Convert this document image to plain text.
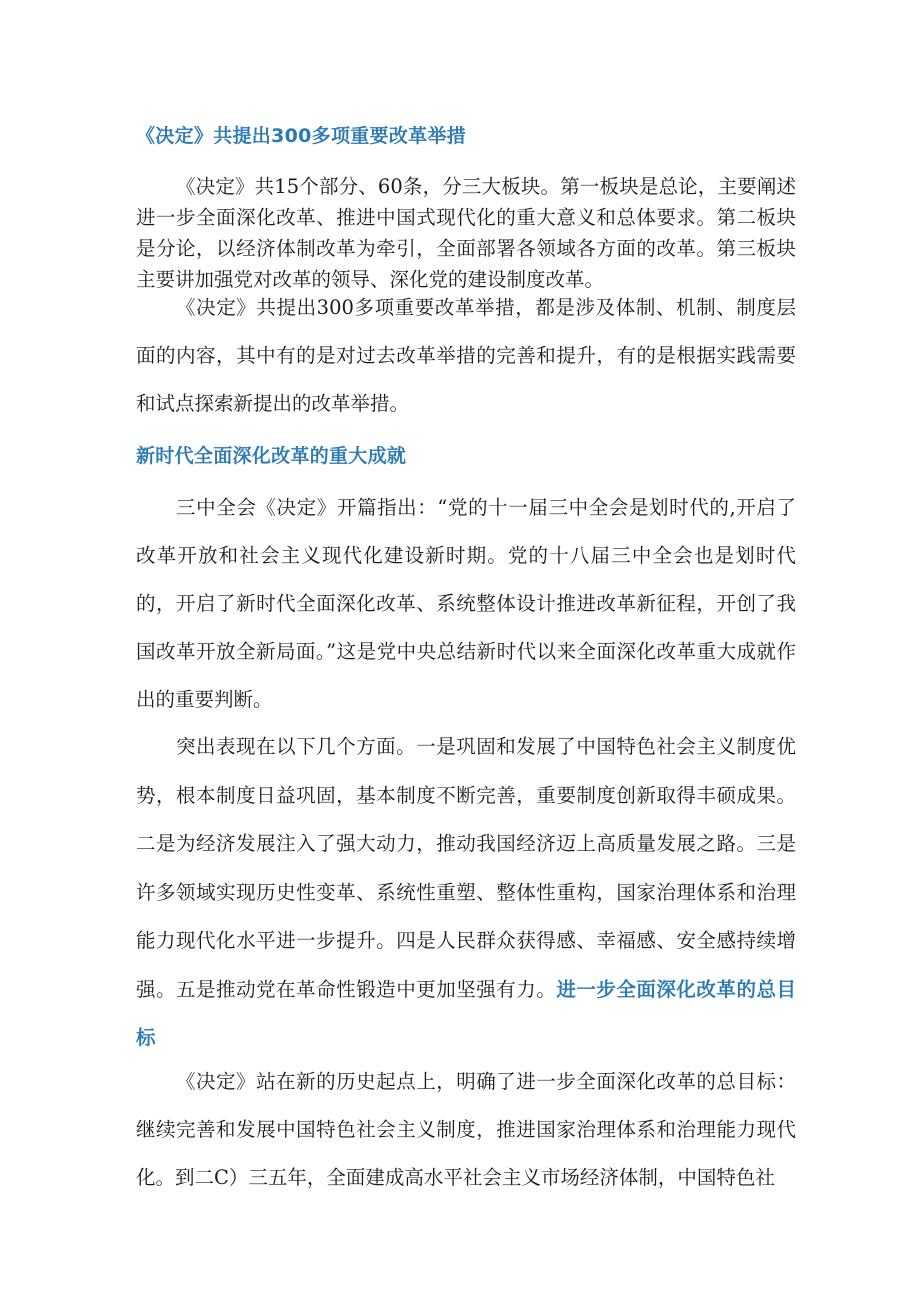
《决定》共提出300多项重要改革举措

《决定》共15个部分、60条，分三大板块。第一板块是总论，主要阐述进一步全面深化改革、推进中国式现代化的重大意义和总体要求。第二板块是分论，以经济体制改革为牵引，全面部署各领域各方面的改革。第三板块主要讲加强党对改革的领导、深化党的建设制度改革。

《决定》共提出300多项重要改革举措，都是涉及体制、机制、制度层面的内容，其中有的是对过去改革举措的完善和提升，有的是根据实践需要和试点探索新提出的改革举措。

新时代全面深化改革的重大成就

三中全会《决定》开篇指出：“党的十一届三中全会是划时代的,开启了改革开放和社会主义现代化建设新时期。党的十八届三中全会也是划时代的，开启了新时代全面深化改革、系统整体设计推进改革新征程，开创了我国改革开放全新局面。”这是党中央总结新时代以来全面深化改革重大成就作出的重要判断。

突出表现在以下几个方面。一是巩固和发展了中国特色社会主义制度优势，根本制度日益巩固，基本制度不断完善，重要制度创新取得丰硕成果。二是为经济发展注入了强大动力，推动我国经济迈上高质量发展之路。三是许多领域实现历史性变革、系统性重塑、整体性重构，国家治理体系和治理能力现代化水平进一步提升。四是人民群众获得感、幸福感、安全感持续增强。五是推动党在革命性锻造中更加坚强有力。进一步全面深化改革的总目标

《决定》站在新的历史起点上，明确了进一步全面深化改革的总目标：继续完善和发展中国特色社会主义制度，推进国家治理体系和治理能力现代化。到二C）三五年，全面建成高水平社会主义市场经济体制，中国特色社
